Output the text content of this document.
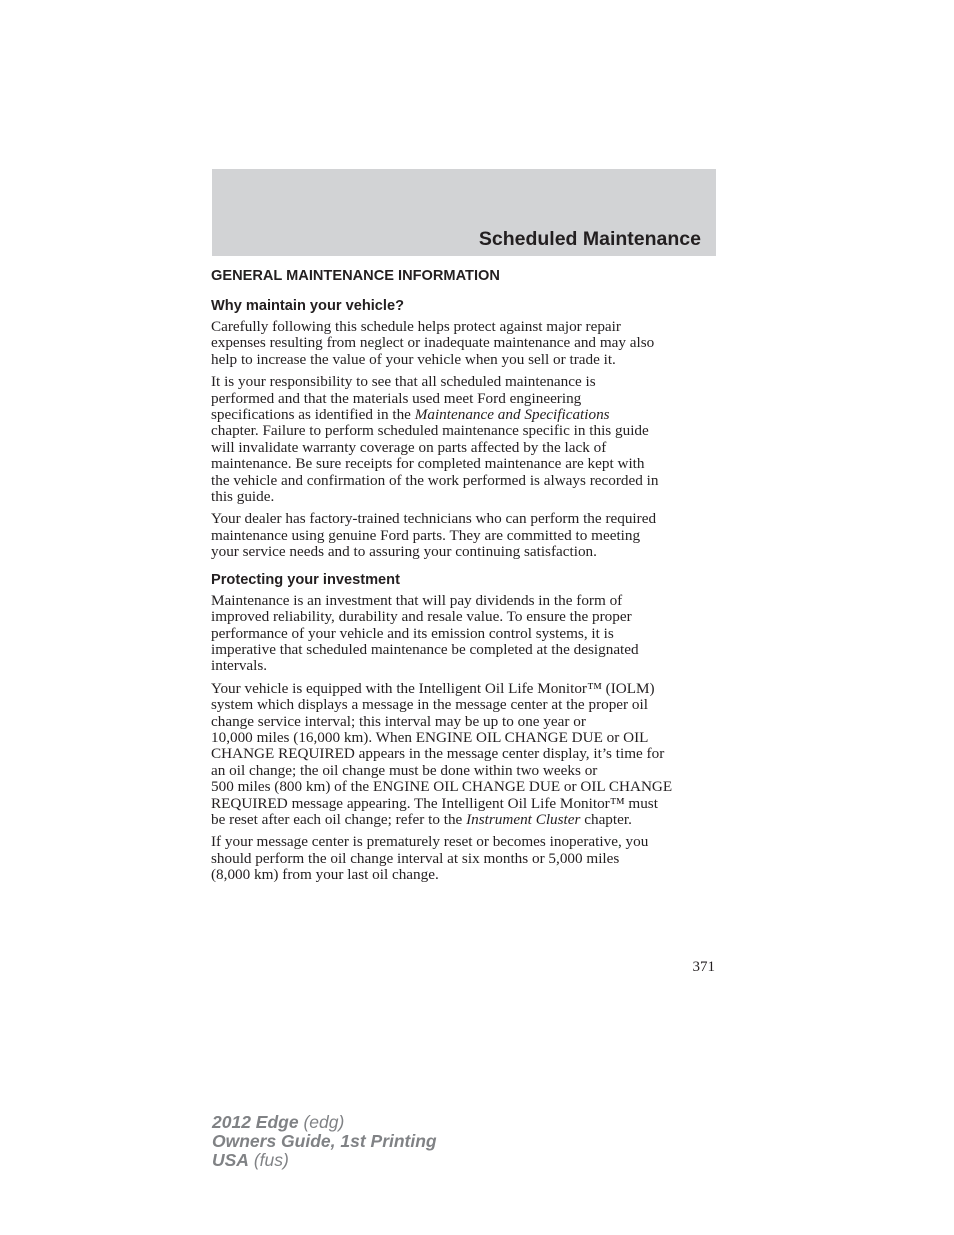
Scheduled Maintenance
GENERAL MAINTENANCE INFORMATION
Why maintain your vehicle?
Carefully following this schedule helps protect against major repair
expenses resulting from neglect or inadequate maintenance and may also
help to increase the value of your vehicle when you sell or trade it.
It is your responsibility to see that all scheduled maintenance is
performed and that the materials used meet Ford engineering
specifications as identified in the Maintenance and Specifications
chapter. Failure to perform scheduled maintenance specific in this guide
will invalidate warranty coverage on parts affected by the lack of
maintenance. Be sure receipts for completed maintenance are kept with
the vehicle and confirmation of the work performed is always recorded in
this guide.
Your dealer has factory-trained technicians who can perform the required
maintenance using genuine Ford parts. They are committed to meeting
your service needs and to assuring your continuing satisfaction.
Protecting your investment
Maintenance is an investment that will pay dividends in the form of
improved reliability, durability and resale value. To ensure the proper
performance of your vehicle and its emission control systems, it is
imperative that scheduled maintenance be completed at the designated
intervals.
Your vehicle is equipped with the Intelligent Oil Life Monitor™ (IOLM)
system which displays a message in the message center at the proper oil
change service interval; this interval may be up to one year or
10,000 miles (16,000 km). When ENGINE OIL CHANGE DUE or OIL
CHANGE REQUIRED appears in the message center display, it’s time for
an oil change; the oil change must be done within two weeks or
500 miles (800 km) of the ENGINE OIL CHANGE DUE or OIL CHANGE
REQUIRED message appearing. The Intelligent Oil Life Monitor™ must
be reset after each oil change; refer to the Instrument Cluster chapter.
If your message center is prematurely reset or becomes inoperative, you
should perform the oil change interval at six months or 5,000 miles
(8,000 km) from your last oil change.
371
2012 Edge (edg)
Owners Guide, 1st Printing
USA (fus)
